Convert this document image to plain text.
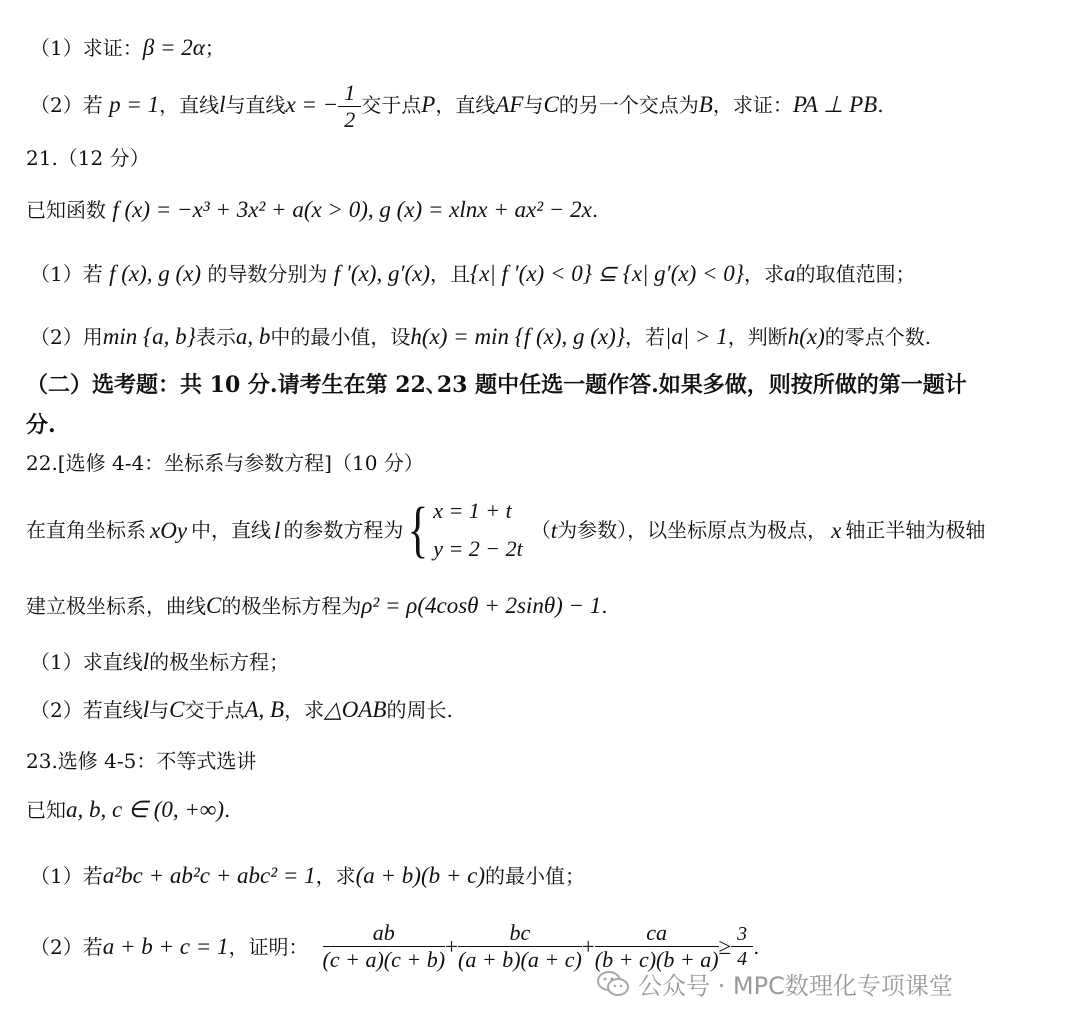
（1）求证：β = 2α；
（2）若 p = 1，直线l与直线x = − $\frac{1}{2}$ 交于点P，直线AF与C的另一个交点为B，求证：PA ⊥ PB.
21.（12 分）
已知函数 f (x) = −x³ + 3x² + a(x > 0), g (x) = xlnx + ax² − 2x.
（1）若 f (x), g (x) 的导数分别为 f ′(x), g′(x)，且{x| f ′(x) < 0} ⊆ {x| g′(x) < 0}，求a的取值范围；
（2）用min {a, b}表示a, b中的最小值，设h(x) = min {f (x), g (x)}，若|a| > 1，判断h(x)的零点个数.
（二）选考题：共 10 分.请考生在第 22､23 题中任选一题作答.如果多做，则按所做的第一题计
分.
22.[选修 4-4：坐标系与参数方程]（10 分）
在直角坐标系 xOy 中，直线 l 的参数方程为 { x = 1 + t
y = 2 − 2t
（ t 为参数），以坐标原点为极点， x 轴正半轴为极轴
建立极坐标系，曲线C的极坐标方程为ρ² = ρ(4cosθ + 2sinθ) − 1.
（1）求直线l的极坐标方程；
（2）若直线l与C交于点A, B，求△OAB的周长.
23.选修 4-5：不等式选讲
已知a, b, c ∈ (0, +∞).
（1）若a²bc + ab²c + abc² = 1，求(a + b)(b + c)的最小值；
（2）若 a + b + c = 1 ，证明： $\frac{ab}{(c + a)(c + b)} + \frac{bc}{(a + b)(a + c)} + \frac{ca}{(b + c)(b + a)} \ge \frac{3}{4}$ .
公众号 · MPC数理化专项课堂
